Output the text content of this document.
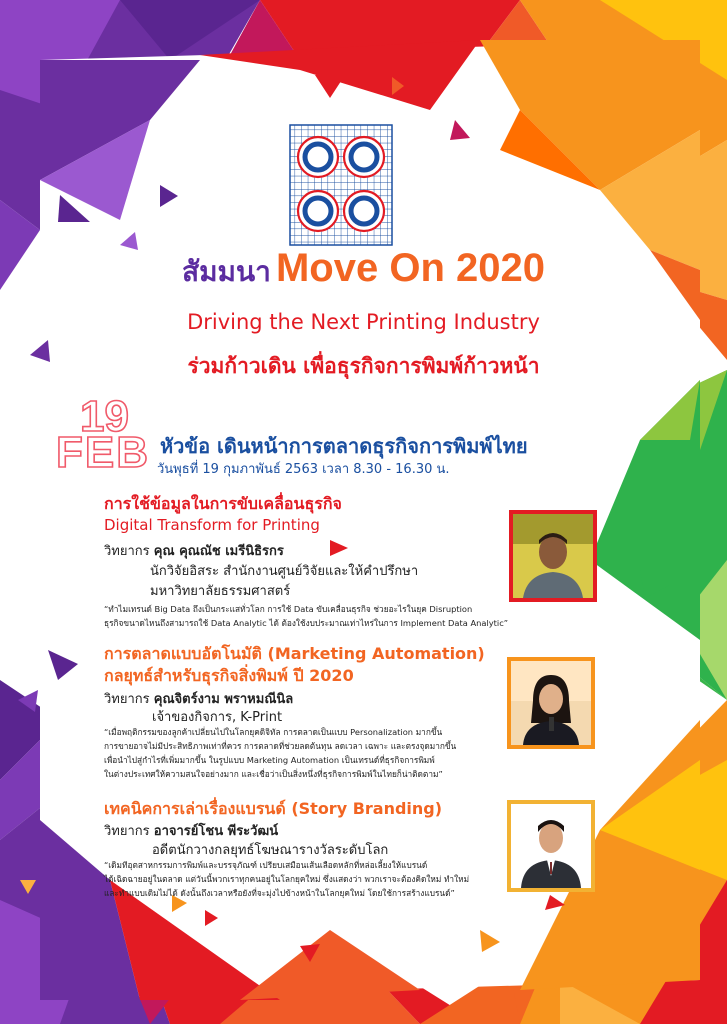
สัมมนา Move On 2020
Driving the Next Printing Industry
ร่วมก้าวเดิน เพื่อธุรกิจการพิมพ์ก้าวหน้า
19
FEB หัวข้อ เดินหน้าการตลาดธุรกิจการพิมพ์ไทย
วันพุธที่ 19 กุมภาพันธ์ 2563 เวลา 8.30 - 16.30 น.
การใช้ข้อมูลในการขับเคลื่อนธุรกิจ
Digital Transform for Printing
วิทยากร คุณ คุณณัช เมรีนิธิรกร
นักวิจัยอิสระ สำนักงานศูนย์วิจัยและให้คำปรึกษา
มหาวิทยาลัยธรรมศาสตร์
“ทำไมเทรนด์ Big Data ถึงเป็นกระแสทั่วโลก การใช้ Data ขับเคลื่อนธุรกิจ ช่วยอะไรในยุค Disruption
ธุรกิจขนาดไหนถึงสามารถใช้ Data Analytic ได้ ต้องใช้งบประมาณเท่าไหร่ในการ Implement Data Analytic”
การตลาดแบบอัตโนมัติ (Marketing Automation)
กลยุทธ์สำหรับธุรกิจสิ่งพิมพ์ ปี 2020
วิทยากร คุณจิตร์งาม พราหมณีนิล
เจ้าของกิจการ, K-Print
“เมื่อพฤติกรรมของลูกค้าเปลี่ยนไปในโลกยุคดิจิทัล การตลาดเป็นแบบ Personalization มากขึ้น
การขายอาจไม่มีประสิทธิภาพเท่าที่ควร การตลาดที่ช่วยลดต้นทุน ลดเวลา เฉพาะ และตรงจุดมากขึ้น
เพื่อนำไปสู่กำไรที่เพิ่มมากขึ้น ในรูปแบบ Marketing Automation เป็นเทรนด์ที่ธุรกิจการพิมพ์
ในต่างประเทศให้ความสนใจอย่างมาก และเชื่อว่าเป็นสิ่งหนึ่งที่ธุรกิจการพิมพ์ในไทยก็น่าติดตาม”
เทคนิคการเล่าเรื่องแบรนด์ (Story Branding)
วิทยากร อาจารย์โชน พีระวัฒน์
อดีตนักวางกลยุทธ์โฆษณารางวัลระดับโลก
“เดิมทีอุตสาหกรรมการพิมพ์และบรรจุภัณฑ์ เปรียบเสมือนเส้นเลือดหลักที่หล่อเลี้ยงให้แบรนด์
ได้เฉิดฉายอยู่ในตลาด แต่วันนี้พวกเราทุกคนอยู่ในโลกยุคใหม่ ซึ่งแสดงว่า พวกเราจะต้องคิดใหม่ ทำใหม่
และทำแบบเดิมไม่ได้ ดังนั้นถึงเวลาหรือยังที่จะมุ่งไปข้างหน้าในโลกยุคใหม่ โดยใช้การสร้างแบรนด์”
